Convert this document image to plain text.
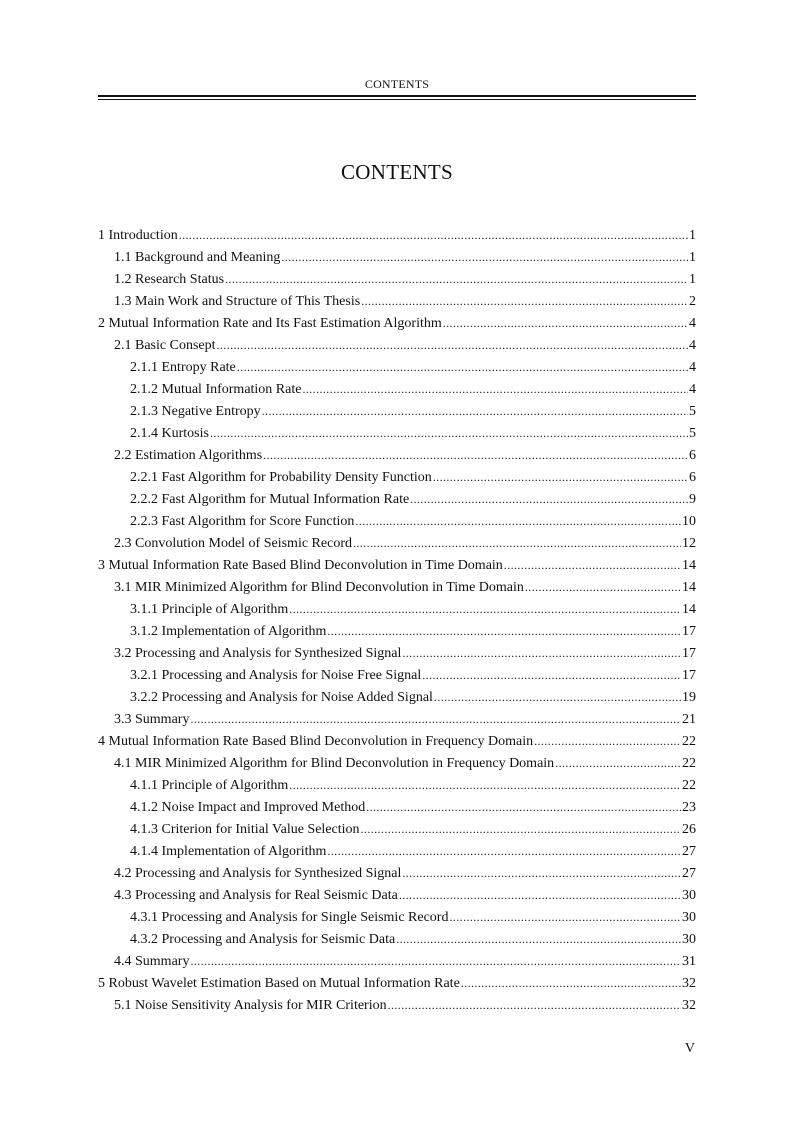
CONTENTS
CONTENTS
1 Introduction .....	1
1.1 Background and Meaning .....	1
1.2 Research Status .....	1
1.3 Main Work and Structure of This Thesis .....	2
2 Mutual Information Rate and Its Fast Estimation Algorithm .....	4
2.1 Basic Consept .....	4
2.1.1 Entropy Rate .....	4
2.1.2 Mutual Information Rate .....	4
2.1.3 Negative Entropy .....	5
2.1.4 Kurtosis .....	5
2.2 Estimation Algorithms .....	6
2.2.1 Fast Algorithm for Probability Density Function .....	6
2.2.2 Fast Algorithm for Mutual Information Rate .....	9
2.2.3 Fast Algorithm for Score Function .....	10
2.3 Convolution Model of Seismic Record .....	12
3 Mutual Information Rate Based Blind Deconvolution in Time Domain .....	14
3.1 MIR Minimized Algorithm for Blind Deconvolution in Time Domain .....	14
3.1.1 Principle of Algorithm .....	14
3.1.2 Implementation of Algorithm .....	17
3.2 Processing and Analysis for Synthesized Signal .....	17
3.2.1 Processing and Analysis for Noise Free Signal .....	17
3.2.2 Processing and Analysis for Noise Added Signal .....	19
3.3 Summary .....	21
4 Mutual Information Rate Based Blind Deconvolution in Frequency Domain .....	22
4.1 MIR Minimized Algorithm for Blind Deconvolution in Frequency Domain .....	22
4.1.1 Principle of Algorithm .....	22
4.1.2 Noise Impact and Improved Method .....	23
4.1.3 Criterion for Initial Value Selection .....	26
4.1.4 Implementation of Algorithm .....	27
4.2 Processing and Analysis for Synthesized Signal .....	27
4.3 Processing and Analysis for Real Seismic Data .....	30
4.3.1 Processing and Analysis for Single Seismic Record .....	30
4.3.2 Processing and Analysis for Seismic Data .....	30
4.4 Summary .....	31
5 Robust Wavelet Estimation Based on Mutual Information Rate .....	32
5.1 Noise Sensitivity Analysis for MIR Criterion .....	32
V
